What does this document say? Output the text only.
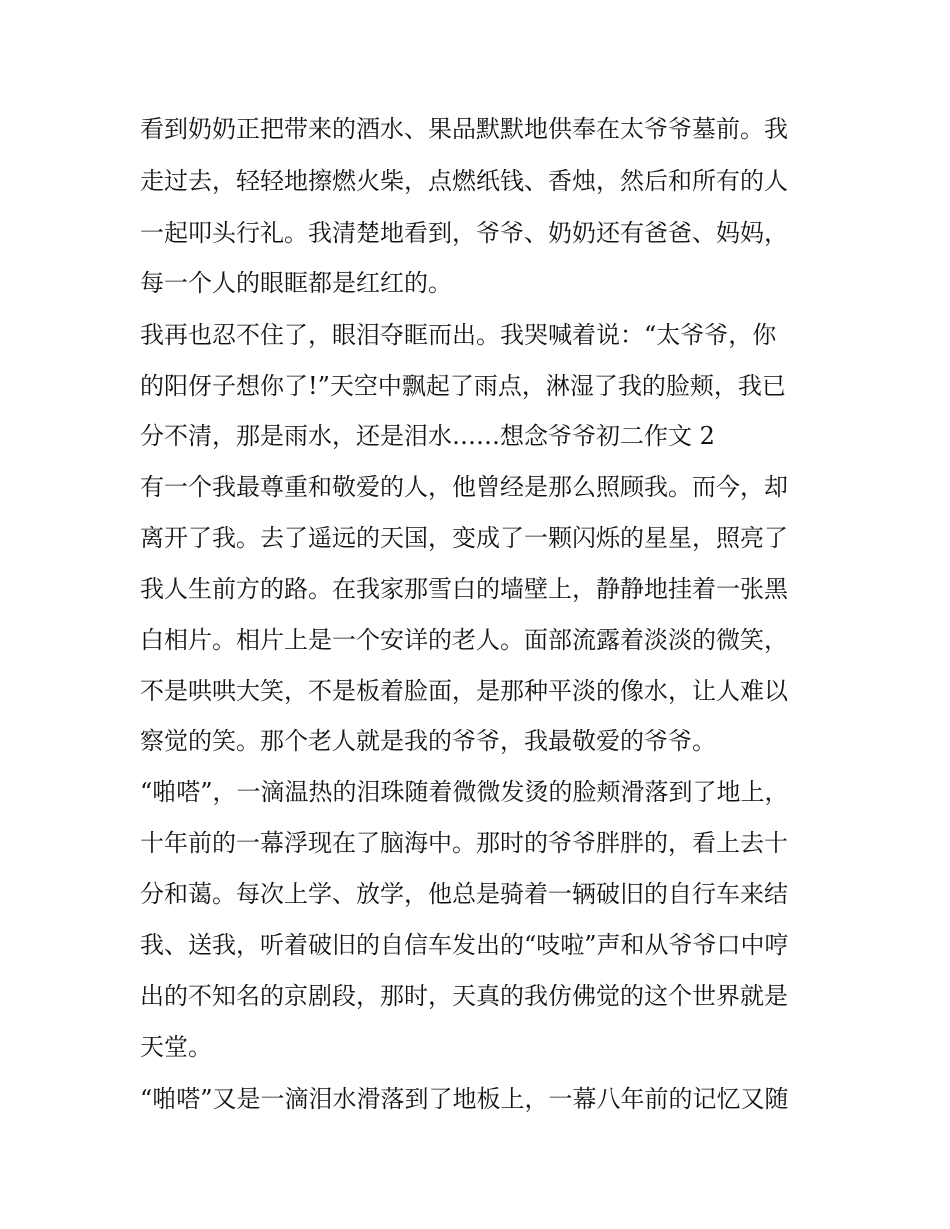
看到奶奶正把带来的酒水、果品默默地供奉在太爷爷墓前。我
走过去，轻轻地擦燃火柴，点燃纸钱、香烛，然后和所有的人
一起叩头行礼。我清楚地看到，爷爷、奶奶还有爸爸、妈妈，
每一个人的眼眶都是红红的。
我再也忍不住了，眼泪夺眶而出。我哭喊着说：“太爷爷，你
的阳伢子想你了!”天空中飘起了雨点，淋湿了我的脸颊，我已
分不清，那是雨水，还是泪水……想念爷爷初二作文 2
有一个我最尊重和敬爱的人，他曾经是那么照顾我。而今，却
离开了我。去了遥远的天国，变成了一颗闪烁的星星，照亮了
我人生前方的路。在我家那雪白的墙壁上，静静地挂着一张黑
白相片。相片上是一个安详的老人。面部流露着淡淡的微笑，
不是哄哄大笑，不是板着脸面，是那种平淡的像水，让人难以
察觉的笑。那个老人就是我的爷爷，我最敬爱的爷爷。
“啪嗒”，一滴温热的泪珠随着微微发烫的脸颊滑落到了地上，
十年前的一幕浮现在了脑海中。那时的爷爷胖胖的，看上去十
分和蔼。每次上学、放学，他总是骑着一辆破旧的自行车来结
我、送我，听着破旧的自信车发出的“吱啦”声和从爷爷口中哼
出的不知名的京剧段，那时，天真的我仿佛觉的这个世界就是
天堂。
“啪嗒”又是一滴泪水滑落到了地板上，一幕八年前的记忆又随
